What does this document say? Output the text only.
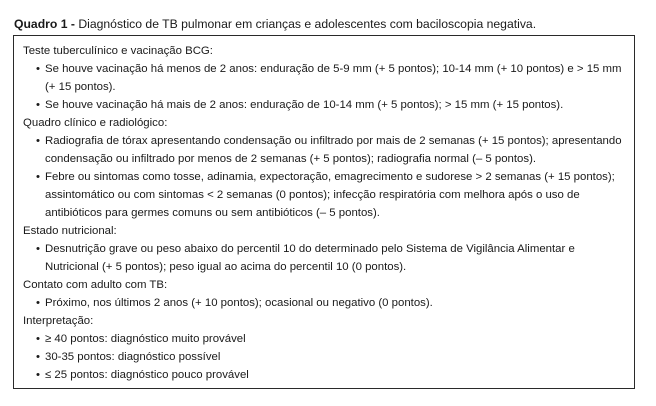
Quadro 1 - Diagnóstico de TB pulmonar em crianças e adolescentes com baciloscopia negativa.
Teste tuberculínico e vacinação BCG:
• Se houve vacinação há menos de 2 anos: enduração de 5-9 mm (+ 5 pontos); 10-14 mm (+ 10 pontos) e > 15 mm (+ 15 pontos).
• Se houve vacinação há mais de 2 anos: enduração de 10-14 mm (+ 5 pontos); > 15 mm (+ 15 pontos).
Quadro clínico e radiológico:
• Radiografia de tórax apresentando condensação ou infiltrado por mais de 2 semanas (+ 15 pontos); apresentando condensação ou infiltrado por menos de 2 semanas (+ 5 pontos); radiografia normal (– 5 pontos).
• Febre ou sintomas como tosse, adinamia, expectoração, emagrecimento e sudorese > 2 semanas (+ 15 pontos); assintomático ou com sintomas < 2 semanas (0 pontos); infecção respiratória com melhora após o uso de antibióticos para germes comuns ou sem antibióticos (– 5 pontos).
Estado nutricional:
• Desnutrição grave ou peso abaixo do percentil 10 do determinado pelo Sistema de Vigilância Alimentar e Nutricional (+ 5 pontos); peso igual ao acima do percentil 10 (0 pontos).
Contato com adulto com TB:
• Próximo, nos últimos 2 anos (+ 10 pontos); ocasional ou negativo (0 pontos).
Interpretação:
• ≥ 40 pontos: diagnóstico muito provável
• 30-35 pontos: diagnóstico possível
• ≤ 25 pontos: diagnóstico pouco provável
